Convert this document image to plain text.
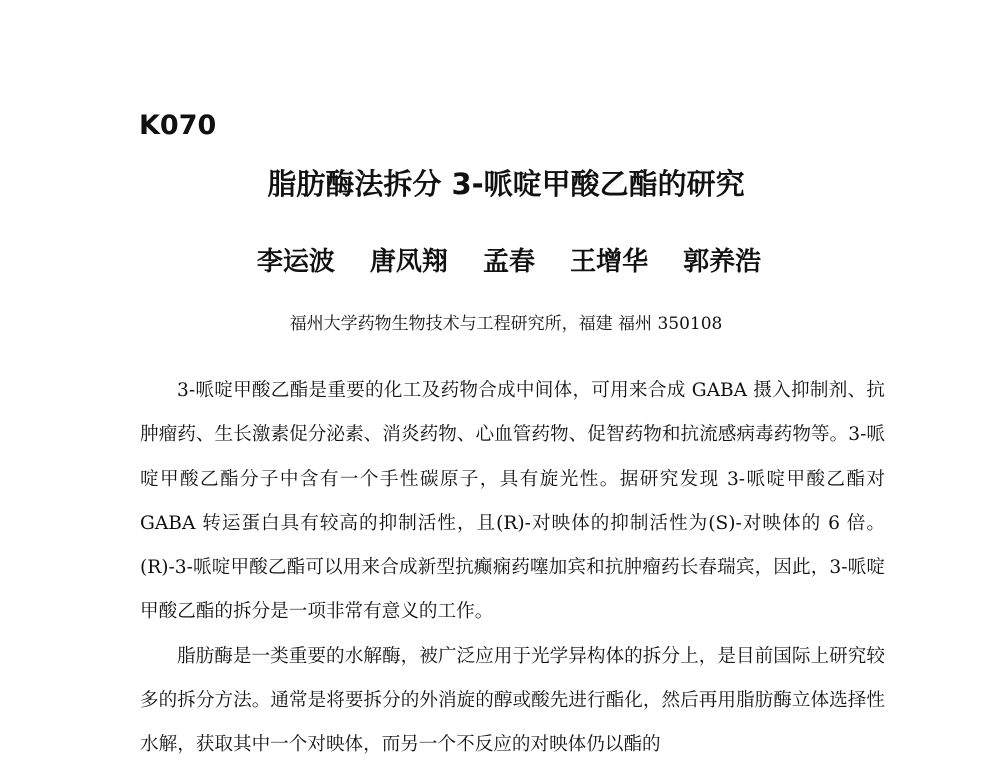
K070
脂肪酶法拆分 3-哌啶甲酸乙酯的研究
李运波 唐凤翔 孟春 王增华 郭养浩
福州大学药物生物技术与工程研究所，福建 福州 350108

3-哌啶甲酸乙酯是重要的化工及药物合成中间体，可用来合成 GABA 摄入抑制剂、抗肿瘤药、生长激素促分泌素、消炎药物、心血管药物、促智药物和抗流感病毒药物等。3-哌啶甲酸乙酯分子中含有一个手性碳原子，具有旋光性。据研究发现 3-哌啶甲酸乙酯对 GABA 转运蛋白具有较高的抑制活性，且(R)-对映体的抑制活性为(S)-对映体的 6 倍。(R)-3-哌啶甲酸乙酯可以用来合成新型抗癫痫药噻加宾和抗肿瘤药长春瑞宾，因此，3-哌啶甲酸乙酯的拆分是一项非常有意义的工作。

脂肪酶是一类重要的水解酶，被广泛应用于光学异构体的拆分上，是目前国际上研究较多的拆分方法。通常是将要拆分的外消旋的醇或酸先进行酯化，然后再用脂肪酶立体选择性水解，获取其中一个对映体，而另一个不反应的对映体仍以酯的
